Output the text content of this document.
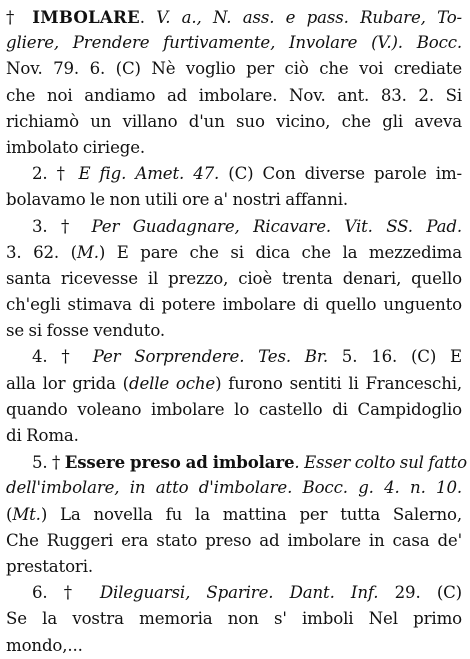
† IMBOLARE. V. a., N. ass. e pass. Rubare, To-
gliere, Prendere furtivamente, Involare (V.). Bocc.
Nov. 79. 6. (C) Nè voglio per ciò che voi crediate
che noi andiamo ad imbolare. Nov. ant. 83. 2. Si
richiamò un villano d'un suo vicino, che gli aveva
imbolato ciriege.
2. † E fig. Amet. 47. (C) Con diverse parole im-
bolavamo le non utili ore a' nostri affanni.
3. † Per Guadagnare, Ricavare. Vit. SS. Pad.
3. 62. (M.) E pare che si dica che la mezzedima
santa ricevesse il prezzo, cioè trenta denari, quello
ch'egli stimava di potere imbolare di quello unguento
se si fosse venduto.
4. † Per Sorprendere. Tes. Br. 5. 16. (C) E
alla lor grida (delle oche) furono sentiti li Franceschi,
quando voleano imbolare lo castello di Campidoglio
di Roma.
5. † Essere preso ad imbolare. Esser colto sul fatto
dell'imbolare, in atto d'imbolare. Bocc. g. 4. n. 10.
(Mt.) La novella fu la mattina per tutta Salerno,
Che Ruggeri era stato preso ad imbolare in casa de'
prestatori.
6. † Dileguarsi, Sparire. Dant. Inf. 29. (C)
Se la vostra memoria non s' imboli Nel primo
mondo,...
